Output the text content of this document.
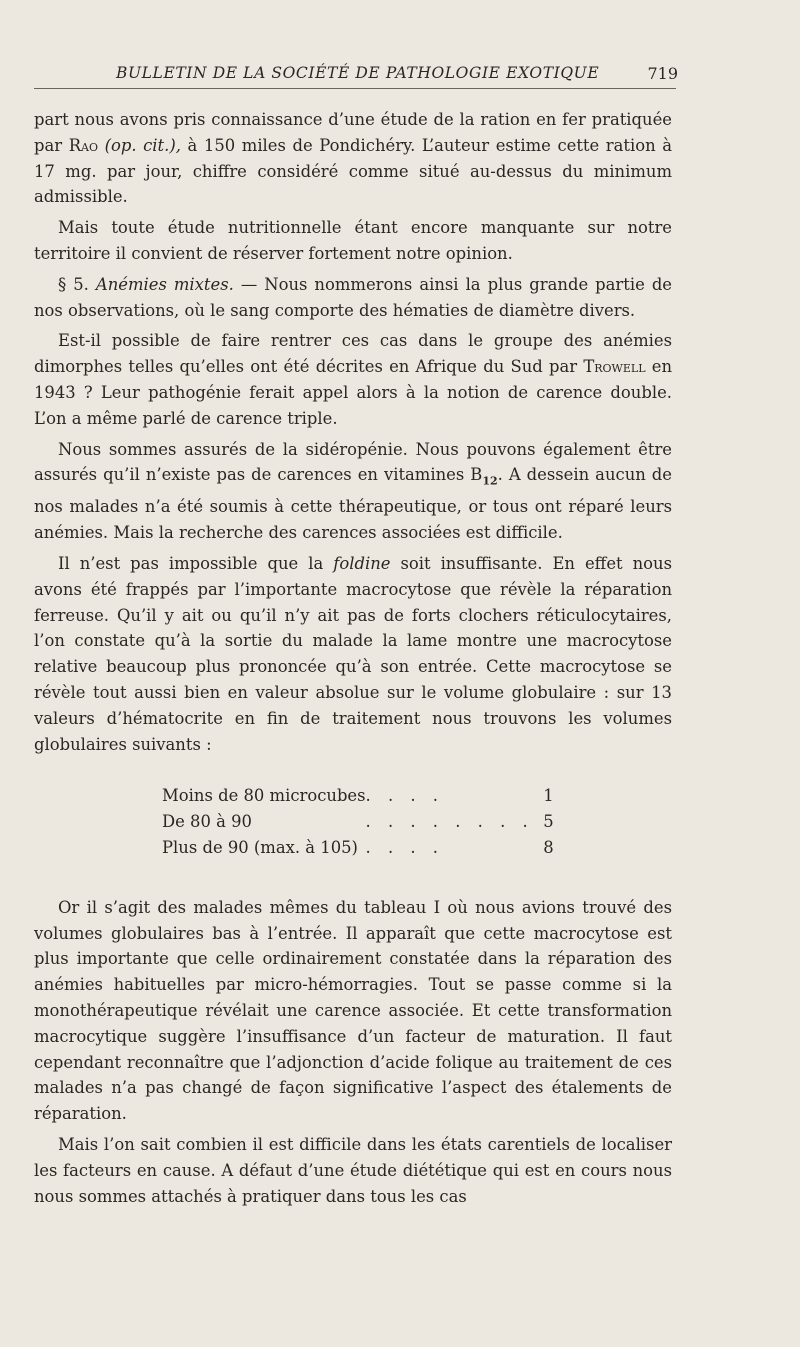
BULLETIN DE LA SOCIÉTÉ DE PATHOLOGIE EXOTIQUE	719

part nous avons pris connaissance d’une étude de la ration en fer pratiquée par Rao (op. cit.), à 150 miles de Pondichéry. L’auteur estime cette ration à 17 mg. par jour, chiffre considéré comme situé au-dessus du minimum admissible.

Mais toute étude nutritionnelle étant encore manquante sur notre territoire il convient de réserver fortement notre opinion.

§ 5. Anémies mixtes. — Nous nommerons ainsi la plus grande partie de nos observations, où le sang comporte des hématies de diamètre divers.

Est-il possible de faire rentrer ces cas dans le groupe des anémies dimorphes telles qu’elles ont été décrites en Afrique du Sud par Trowell en 1943 ? Leur pathogénie ferait appel alors à la notion de carence double. L’on a même parlé de carence triple.

Nous sommes assurés de la sidéropénie. Nous pouvons également être assurés qu’il n’existe pas de carences en vitamines $B_{12}$. A dessein aucun de nos malades n’a été soumis à cette thérapeutique, or tous ont réparé leurs anémies. Mais la recherche des carences associées est difficile.

Il n’est pas impossible que la foldine soit insuffisante. En effet nous avons été frappés par l’importante macrocytose que révèle la réparation ferreuse. Qu’il y ait ou qu’il n’y ait pas de forts clochers réticulocytaires, l’on constate qu’à la sortie du malade la lame montre une macrocytose relative beaucoup plus prononcée qu’à son entrée. Cette macrocytose se révèle tout aussi bien en valeur absolue sur le volume globulaire : sur 13 valeurs d’hématocrite en fin de traitement nous trouvons les volumes globulaires suivants :

Moins de 80 microcubes	. . . .	1
De 80 à 90	. . . . . . . .	5
Plus de 90 (max. à 105)	. . . .	8

Or il s’agit des malades mêmes du tableau I où nous avions trouvé des volumes globulaires bas à l’entrée. Il apparaît que cette macrocytose est plus importante que celle ordinairement constatée dans la réparation des anémies habituelles par micro-hémorragies. Tout se passe comme si la monothérapeutique révélait une carence associée. Et cette transformation macrocytique suggère l’insuffisance d’un facteur de maturation. Il faut cependant reconnaître que l’adjonction d’acide folique au traitement de ces malades n’a pas changé de façon significative l’aspect des étalements de réparation.

Mais l’on sait combien il est difficile dans les états carentiels de localiser les facteurs en cause. A défaut d’une étude diététique qui est en cours nous nous sommes attachés à pratiquer dans tous les cas
